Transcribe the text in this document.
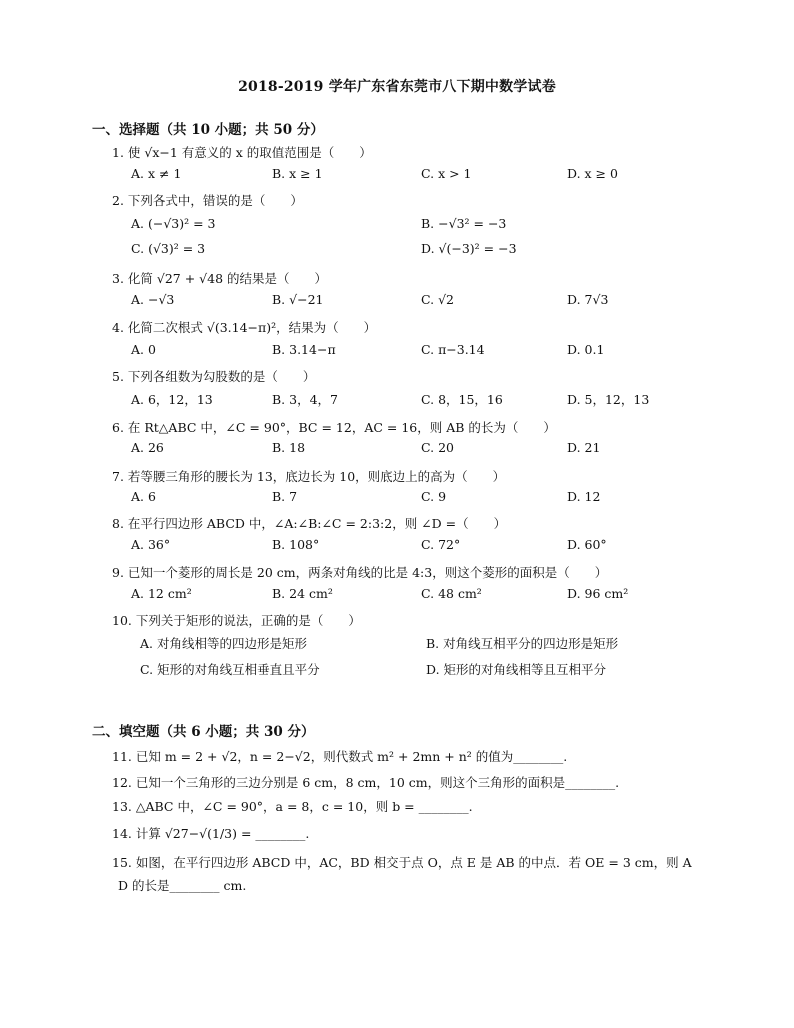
2018-2019 学年广东省东莞市八下期中数学试卷
一、选择题（共 10 小题；共 50 分）
1. 使 √x−1 有意义的 x 的取值范围是（　　）
A. x ≠ 1	B. x ≥ 1	C. x > 1	D. x ≥ 0
2. 下列各式中，错误的是（　　）
A. (−√3)² = 3	B. −√3² = −3
C. (√3)² = 3	D. √(−3)² = −3
3. 化简 √27 + √48 的结果是（　　）
A. −√3	B. √−21	C. √2	D. 7√3
4. 化简二次根式 √(3.14−π)²，结果为（　　）
A. 0	B. 3.14−π	C. π−3.14	D. 0.1
5. 下列各组数为勾股数的是（　　）
A. 6，12，13	B. 3，4，7	C. 8，15，16	D. 5，12，13
6. 在 Rt△ABC 中，∠C = 90°，BC = 12，AC = 16，则 AB 的长为（　　）
A. 26	B. 18	C. 20	D. 21
7. 若等腰三角形的腰长为 13，底边长为 10，则底边上的高为（　　）
A. 6	B. 7	C. 9	D. 12
8. 在平行四边形 ABCD 中，∠A:∠B:∠C = 2:3:2，则 ∠D =（　　）
A. 36°	B. 108°	C. 72°	D. 60°
9. 已知一个菱形的周长是 20 cm，两条对角线的比是 4:3，则这个菱形的面积是（　　）
A. 12 cm²	B. 24 cm²	C. 48 cm²	D. 96 cm²
10. 下列关于矩形的说法，正确的是（　　）
A. 对角线相等的四边形是矩形	B. 对角线互相平分的四边形是矩形
C. 矩形的对角线互相垂直且平分	D. 矩形的对角线相等且互相平分
二、填空题（共 6 小题；共 30 分）
11. 已知 m = 2 + √2，n = 2−√2，则代数式 m² + 2mn + n² 的值为________.
12. 已知一个三角形的三边分别是 6 cm，8 cm，10 cm，则这个三角形的面积是________.
13. △ABC 中，∠C = 90°，a = 8，c = 10，则 b = ________.
14. 计算 √27−√(1/3) = ________.
15. 如图，在平行四边形 ABCD 中，AC，BD 相交于点 O，点 E 是 AB 的中点．若 OE = 3 cm，则 A
D 的长是________ cm.
